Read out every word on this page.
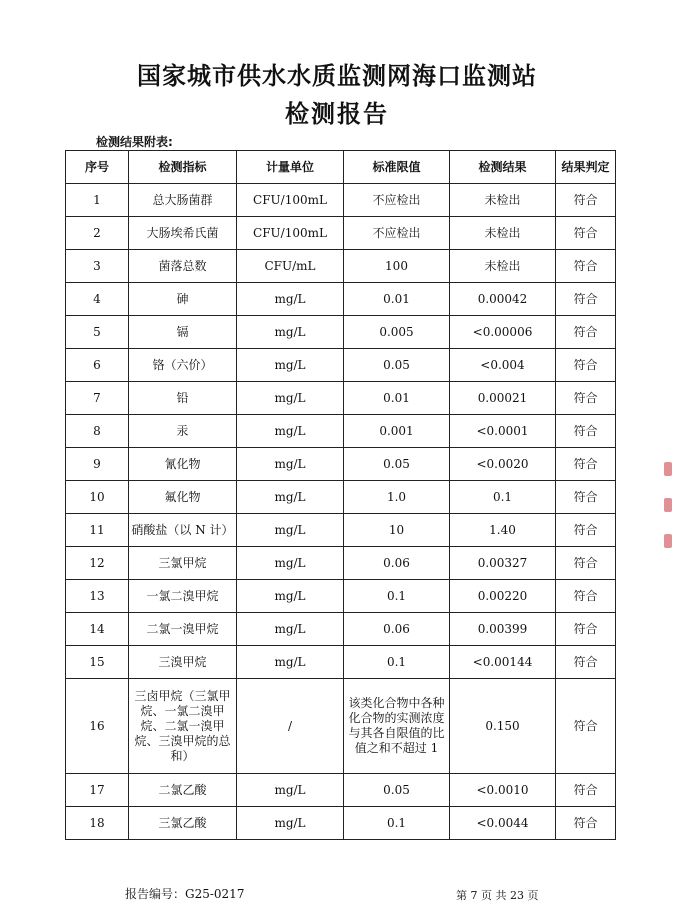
国家城市供水水质监测网海口监测站
检测报告
检测结果附表:
序号	检测指标	计量单位	标准限值	检测结果	结果判定
1	总大肠菌群	CFU/100mL	不应检出	未检出	符合
2	大肠埃希氏菌	CFU/100mL	不应检出	未检出	符合
3	菌落总数	CFU/mL	100	未检出	符合
4	砷	mg/L	0.01	0.00042	符合
5	镉	mg/L	0.005	<0.00006	符合
6	铬（六价）	mg/L	0.05	<0.004	符合
7	铅	mg/L	0.01	0.00021	符合
8	汞	mg/L	0.001	<0.0001	符合
9	氰化物	mg/L	0.05	<0.0020	符合
10	氟化物	mg/L	1.0	0.1	符合
11	硝酸盐（以 N 计）	mg/L	10	1.40	符合
12	三氯甲烷	mg/L	0.06	0.00327	符合
13	一氯二溴甲烷	mg/L	0.1	0.00220	符合
14	二氯一溴甲烷	mg/L	0.06	0.00399	符合
15	三溴甲烷	mg/L	0.1	<0.00144	符合
16	三卤甲烷（三氯甲烷、一氯二溴甲烷、二氯一溴甲烷、三溴甲烷的总和）	/	该类化合物中各种化合物的实测浓度与其各自限值的比值之和不超过 1	0.150	符合
17	二氯乙酸	mg/L	0.05	<0.0010	符合
18	三氯乙酸	mg/L	0.1	<0.0044	符合
报告编号：G25-0217	第 7 页 共 23 页
